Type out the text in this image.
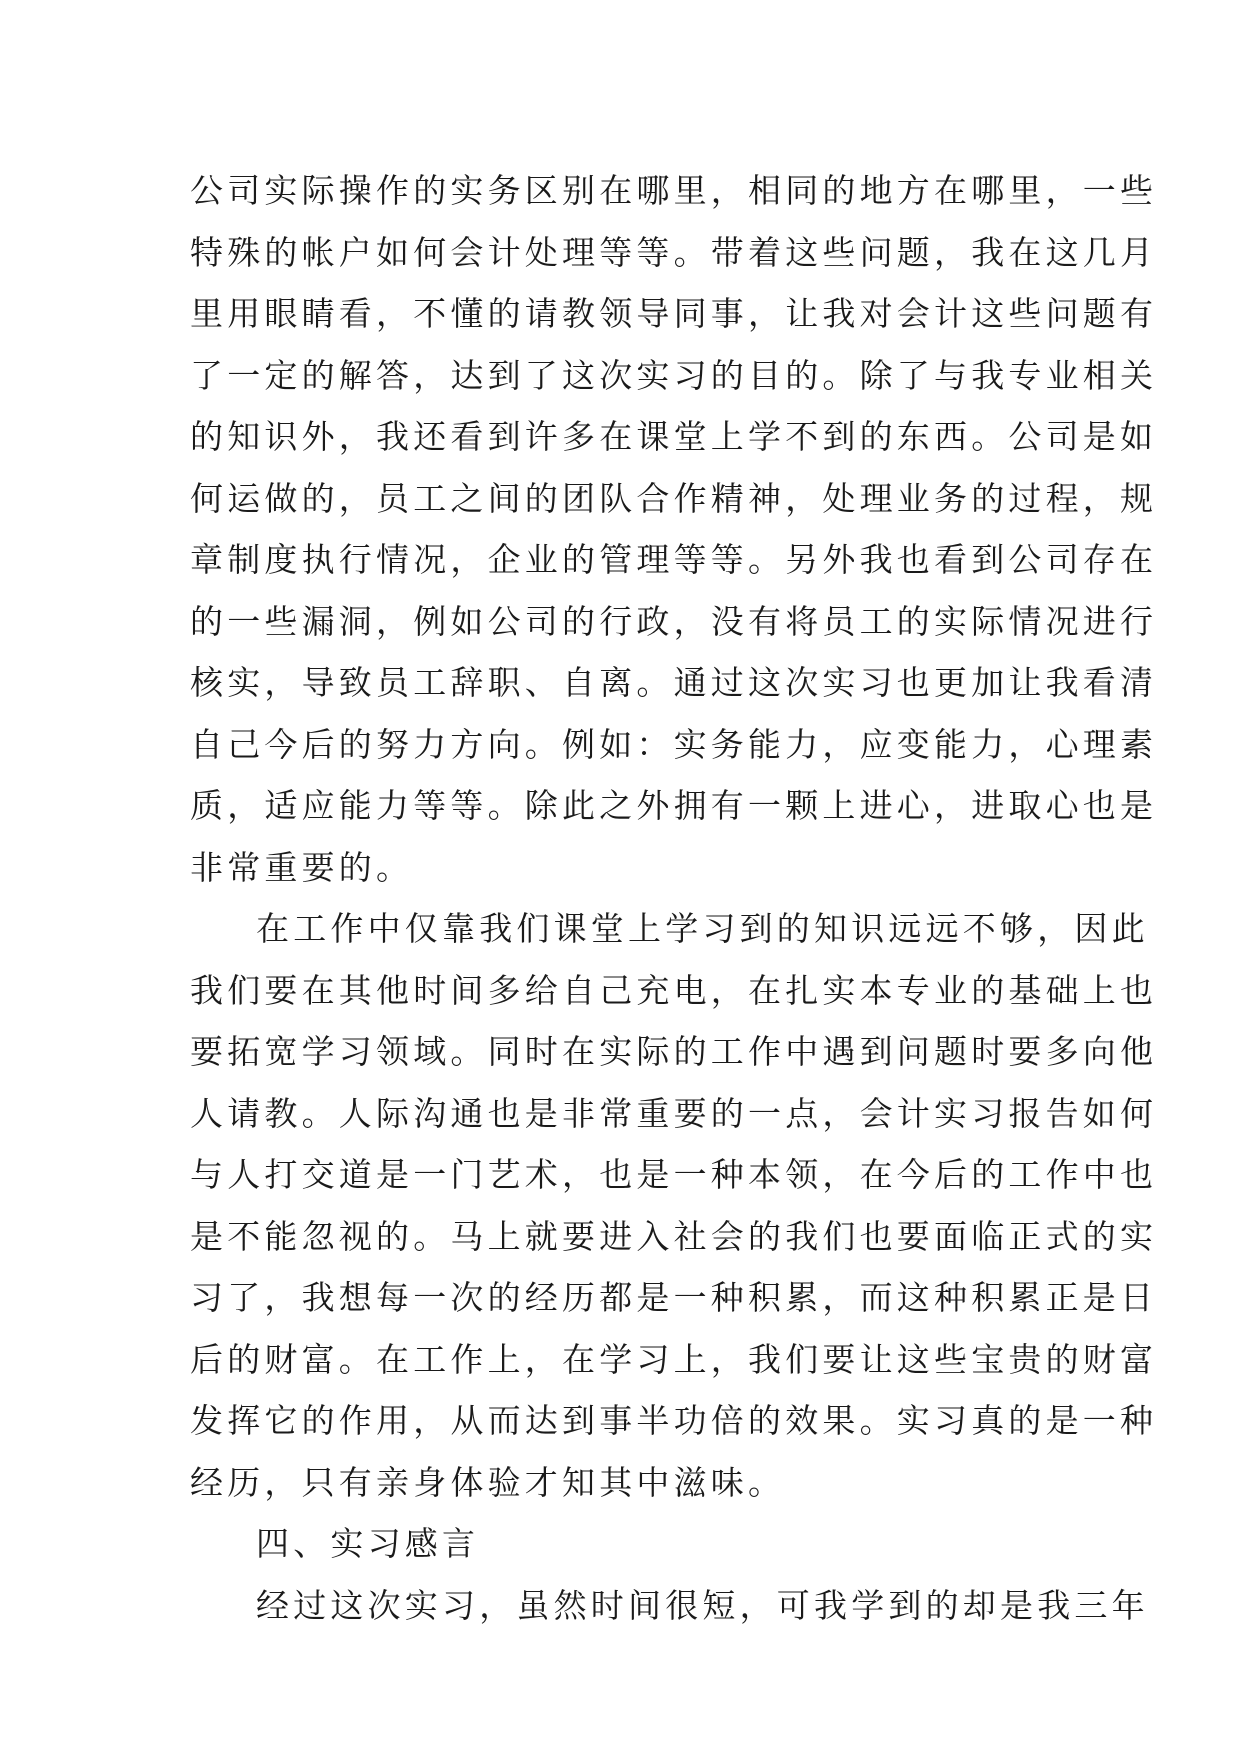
公司实际操作的实务区别在哪里，相同的地方在哪里，一些
特殊的帐户如何会计处理等等。带着这些问题，我在这几月
里用眼睛看，不懂的请教领导同事，让我对会计这些问题有
了一定的解答，达到了这次实习的目的。除了与我专业相关
的知识外，我还看到许多在课堂上学不到的东西。公司是如
何运做的，员工之间的团队合作精神，处理业务的过程，规
章制度执行情况，企业的管理等等。另外我也看到公司存在
的一些漏洞，例如公司的行政，没有将员工的实际情况进行
核实，导致员工辞职、自离。通过这次实习也更加让我看清
自己今后的努力方向。例如：实务能力，应变能力，心理素
质，适应能力等等。除此之外拥有一颗上进心，进取心也是
非常重要的。
在工作中仅靠我们课堂上学习到的知识远远不够，因此
我们要在其他时间多给自己充电，在扎实本专业的基础上也
要拓宽学习领域。同时在实际的工作中遇到问题时要多向他
人请教。人际沟通也是非常重要的一点，会计实习报告如何
与人打交道是一门艺术，也是一种本领，在今后的工作中也
是不能忽视的。马上就要进入社会的我们也要面临正式的实
习了，我想每一次的经历都是一种积累，而这种积累正是日
后的财富。在工作上，在学习上，我们要让这些宝贵的财富
发挥它的作用，从而达到事半功倍的效果。实习真的是一种
经历，只有亲身体验才知其中滋味。
四、实习感言
经过这次实习，虽然时间很短，可我学到的却是我三年
